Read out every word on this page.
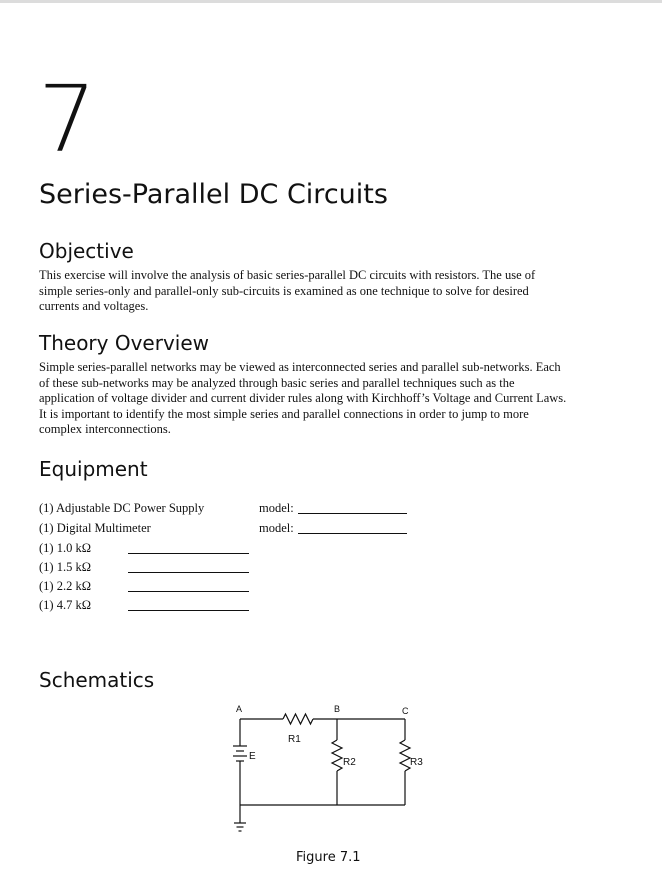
7
Series-Parallel DC Circuits
Objective
This exercise will involve the analysis of basic series-parallel DC circuits with resistors. The use of
simple series-only and parallel-only sub-circuits is examined as one technique to solve for desired
currents and voltages.
Theory Overview
Simple series-parallel networks may be viewed as interconnected series and parallel sub-networks. Each
of these sub-networks may be analyzed through basic series and parallel techniques such as the
application of voltage divider and current divider rules along with Kirchhoff’s Voltage and Current Laws.
It is important to identify the most simple series and parallel connections in order to jump to more
complex interconnections.
Equipment
(1) Adjustable DC Power Supply	model:
(1) Digital Multimeter	model:
(1) 1.0 kΩ
(1) 1.5 kΩ
(1) 2.2 kΩ
(1) 4.7 kΩ
Schematics
A	B	C
R1
R2	R3
E
Figure 7.1
